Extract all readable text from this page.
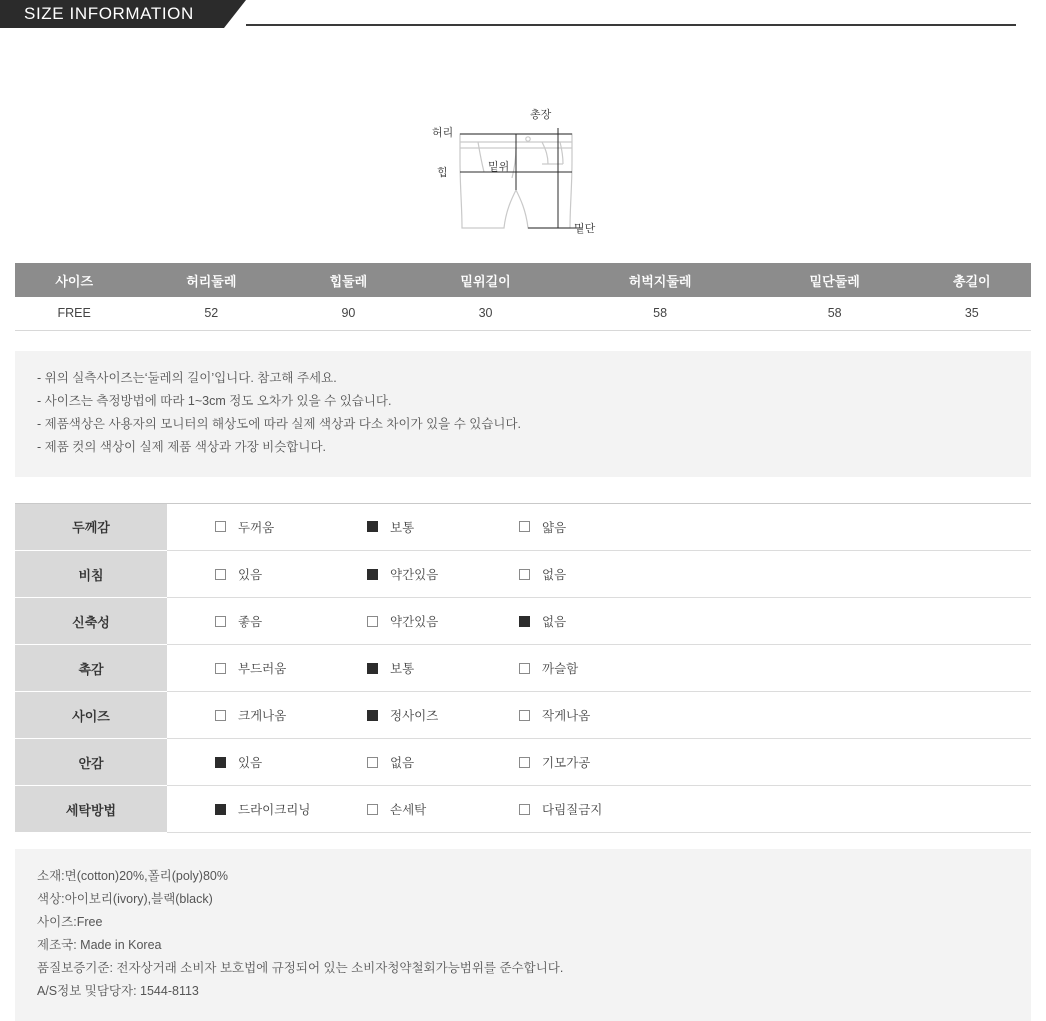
SIZE INFORMATION
허리
총장
힙	밑위
밑단
사이즈	허리둘레	힙둘레	밑위길이	허벅지둘레	밑단둘레	총길이
FREE	52	90	30	58	58	35
- 위의 실측사이즈는‘둘레의 길이’입니다. 참고해 주세요.
- 사이즈는 측정방법에 따라 1~3cm 정도 오차가 있을 수 있습니다.
- 제품색상은 사용자의 모니터의 해상도에 따라 실제 색상과 다소 차이가 있을 수 있습니다.
- 제품 컷의 색상이 실제 제품 색상과 가장 비슷합니다.
두께감	두꺼움 보통 얇음

비침	있음 약간있음 없음

신축성	좋음 약간있음 없음

촉감	부드러움 보통 까슬함

사이즈	크게나옴 정사이즈 작게나옴

안감	있음 없음 기모가공

세탁방법	드라이크리닝 손세탁 다림질금지
소재:면(cotton)20%,폴리(poly)80%
색상:아이보리(ivory),블랙(black)
사이즈:Free
제조국: Made in Korea
품질보증기준: 전자상거래 소비자 보호법에 규정되어 있는 소비자청약철회가능범위를 준수합니다.
A/S정보 및담당자: 1544-8113
